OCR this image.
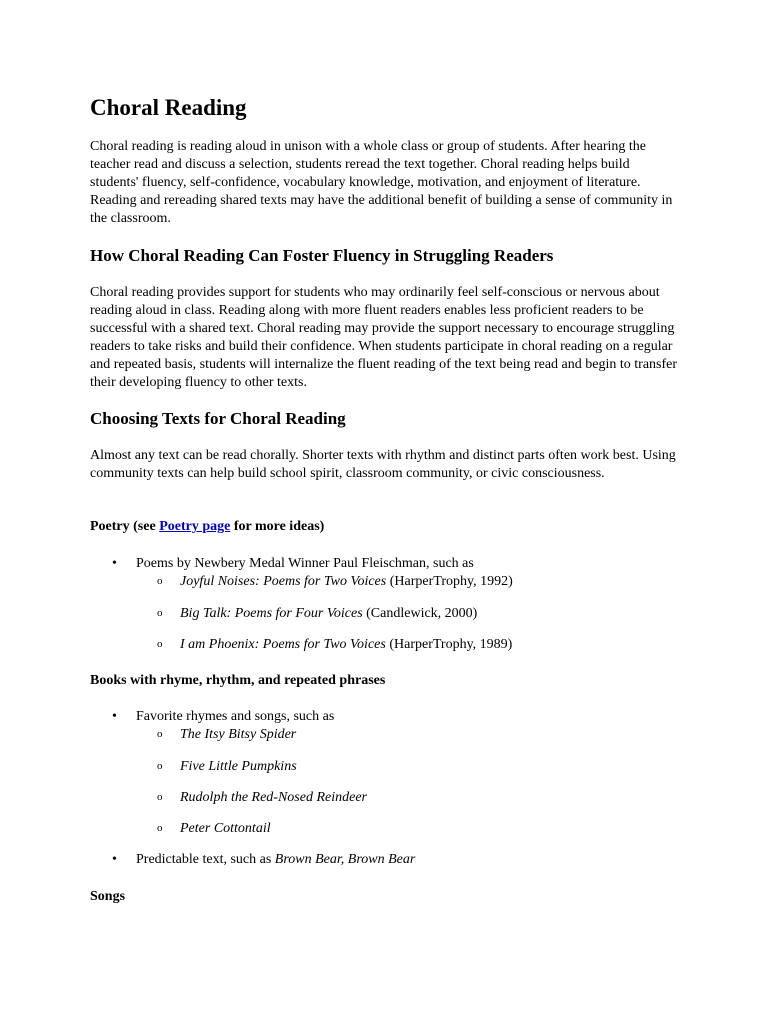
Choral Reading

Choral reading is reading aloud in unison with a whole class or group of students. After hearing the teacher read and discuss a selection, students reread the text together. Choral reading helps build students' fluency, self-confidence, vocabulary knowledge, motivation, and enjoyment of literature. Reading and rereading shared texts may have the additional benefit of building a sense of community in the classroom.

How Choral Reading Can Foster Fluency in Struggling Readers

Choral reading provides support for students who may ordinarily feel self-conscious or nervous about reading aloud in class. Reading along with more fluent readers enables less proficient readers to be successful with a shared text. Choral reading may provide the support necessary to encourage struggling readers to take risks and build their confidence. When students participate in choral reading on a regular and repeated basis, students will internalize the fluent reading of the text being read and begin to transfer their developing fluency to other texts.

Choosing Texts for Choral Reading

Almost any text can be read chorally. Shorter texts with rhythm and distinct parts often work best. Using community texts can help build school spirit, classroom community, or civic consciousness.

Poetry (see Poetry page for more ideas)
• Poems by Newbery Medal Winner Paul Fleischman, such as
o Joyful Noises: Poems for Two Voices (HarperTrophy, 1992)
o Big Talk: Poems for Four Voices (Candlewick, 2000)
o I am Phoenix: Poems for Two Voices (HarperTrophy, 1989)
Books with rhyme, rhythm, and repeated phrases
• Favorite rhymes and songs, such as
o The Itsy Bitsy Spider
o Five Little Pumpkins
o Rudolph the Red-Nosed Reindeer
o Peter Cottontail
• Predictable text, such as Brown Bear, Brown Bear
Songs
